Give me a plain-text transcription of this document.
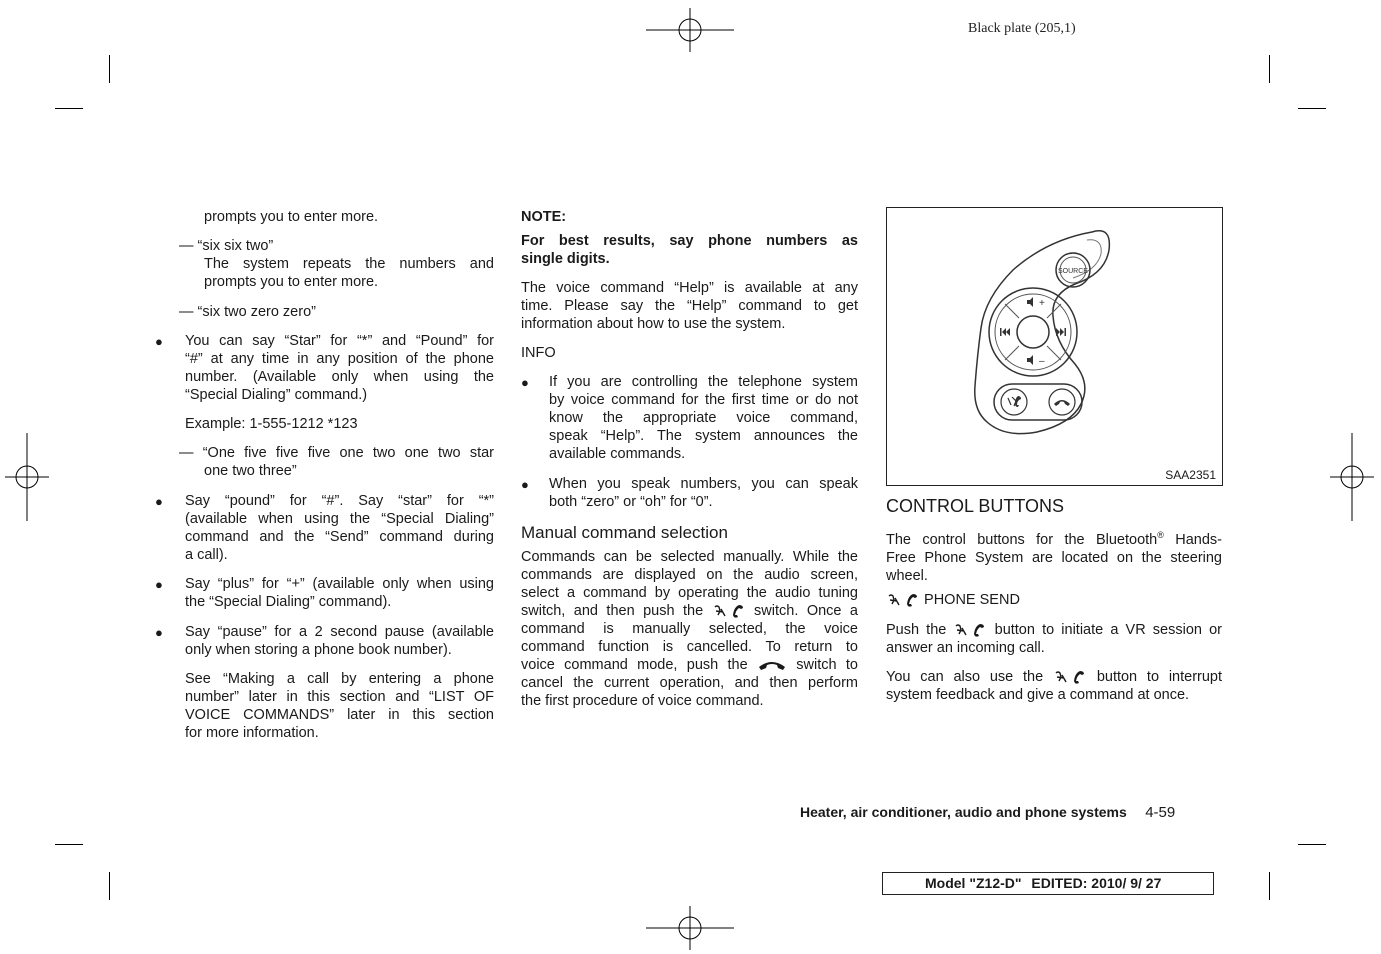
Black plate (205,1)
prompts you to enter more.
— “six six two”
The system repeats the numbers and
prompts you to enter more.
— “six two zero zero”
● You can say “Star” for “*” and “Pound” for

“#” at any time in any position of the phone

number. (Available only when using the

“Special Dialing” command.)

Example: 1-555-1212 *123
— “One five five five one two one two star
one two three”
● Say “pound” for “#”. Say “star” for “*”

(available when using the “Special Dialing”

command and the “Send” command during

a call).

● Say “plus” for “+” (available only when using

the “Special Dialing” command).

● Say “pause” for a 2 second pause (available

only when storing a phone book number).

See “Making a call by entering a phone

number” later in this section and “LIST OF

VOICE COMMANDS” later in this section

for more information.

NOTE:

For best results, say phone numbers as

single digits.

The voice command “Help” is available at any

time. Please say the “Help” command to get

information about how to use the system.

INFO
● If you are controlling the telephone system

by voice command for the first time or do not

know the appropriate voice command,

speak “Help”. The system announces the

available commands.

● When you speak numbers, you can speak

both “zero” or “oh” for “0”.

Manual command selection

Commands can be selected manually. While the

commands are displayed on the audio screen,

select a command by operating the audio tuning

switch, and then push the	switch. Once a

command is manually selected, the voice

command function is cancelled. To return to

voice command mode, push the	switch to

cancel the current operation, and then perform

the first procedure of voice command.

SOURCE
+
–
SAA2351
CONTROL BUTTONS

The control buttons for the Bluetooth® Hands-

Free Phone System are located on the steering

wheel.

PHONE SEND

Push the	button to initiate a VR session or

answer an incoming call.

You can also use the	button to interrupt

system feedback and give a command at once.

Heater, air conditioner, audio and phone systems 4-59
Model "Z12-D" EDITED: 2010/ 9/ 27
